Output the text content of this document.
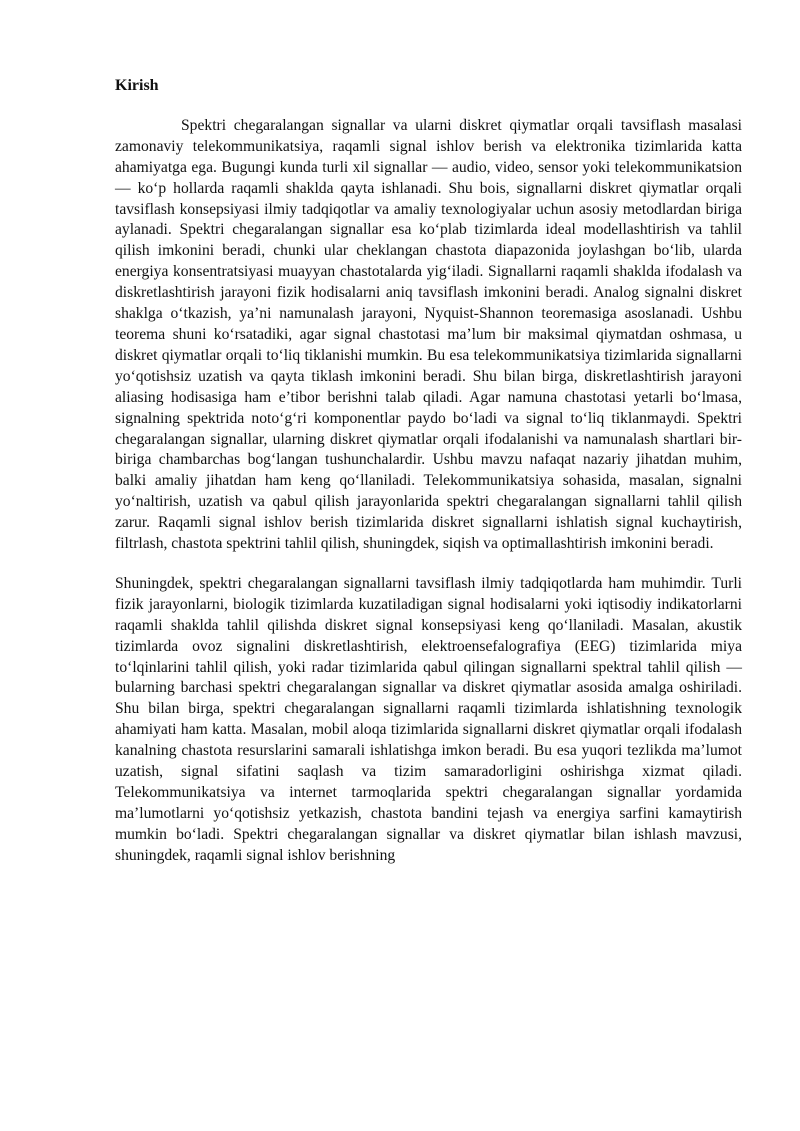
Kirish

Spektri chegaralangan signallar va ularni diskret qiymatlar orqali tavsiflash masalasi zamonaviy telekommunikatsiya, raqamli signal ishlov berish va elektronika tizimlarida katta ahamiyatga ega. Bugungi kunda turli xil signallar — audio, video, sensor yoki telekommunikatsion — ko‘p hollarda raqamli shaklda qayta ishlanadi. Shu bois, signallarni diskret qiymatlar orqali tavsiflash konsepsiyasi ilmiy tadqiqotlar va amaliy texnologiyalar uchun asosiy metodlardan biriga aylanadi. Spektri chegaralangan signallar esa ko‘plab tizimlarda ideal modellashtirish va tahlil qilish imkonini beradi, chunki ular cheklangan chastota diapazonida joylashgan bo‘lib, ularda energiya konsentratsiyasi muayyan chastotalarda yig‘iladi. Signallarni raqamli shaklda ifodalash va diskretlashtirish jarayoni fizik hodisalarni aniq tavsiflash imkonini beradi. Analog signalni diskret shaklga o‘tkazish, ya’ni namunalash jarayoni, Nyquist-Shannon teoremasiga asoslanadi. Ushbu teorema shuni ko‘rsatadiki, agar signal chastotasi ma’lum bir maksimal qiymatdan oshmasa, u diskret qiymatlar orqali to‘liq tiklanishi mumkin. Bu esa telekommunikatsiya tizimlarida signallarni yo‘qotishsiz uzatish va qayta tiklash imkonini beradi. Shu bilan birga, diskretlashtirish jarayoni aliasing hodisasiga ham e’tibor berishni talab qiladi. Agar namuna chastotasi yetarli bo‘lmasa, signalning spektrida noto‘g‘ri komponentlar paydo bo‘ladi va signal to‘liq tiklanmaydi. Spektri chegaralangan signallar, ularning diskret qiymatlar orqali ifodalanishi va namunalash shartlari bir-biriga chambarchas bog‘langan tushunchalardir. Ushbu mavzu nafaqat nazariy jihatdan muhim, balki amaliy jihatdan ham keng qo‘llaniladi. Telekommunikatsiya sohasida, masalan, signalni yo‘naltirish, uzatish va qabul qilish jarayonlarida spektri chegaralangan signallarni tahlil qilish zarur. Raqamli signal ishlov berish tizimlarida diskret signallarni ishlatish signal kuchaytirish, filtrlash, chastota spektrini tahlil qilish, shuningdek, siqish va optimallashtirish imkonini beradi.

Shuningdek, spektri chegaralangan signallarni tavsiflash ilmiy tadqiqotlarda ham muhimdir. Turli fizik jarayonlarni, biologik tizimlarda kuzatiladigan signal hodisalarni yoki iqtisodiy indikatorlarni raqamli shaklda tahlil qilishda diskret signal konsepsiyasi keng qo‘llaniladi. Masalan, akustik tizimlarda ovoz signalini diskretlashtirish, elektroensefalografiya (EEG) tizimlarida miya to‘lqinlarini tahlil qilish, yoki radar tizimlarida qabul qilingan signallarni spektral tahlil qilish — bularning barchasi spektri chegaralangan signallar va diskret qiymatlar asosida amalga oshiriladi. Shu bilan birga, spektri chegaralangan signallarni raqamli tizimlarda ishlatishning texnologik ahamiyati ham katta. Masalan, mobil aloqa tizimlarida signallarni diskret qiymatlar orqali ifodalash kanalning chastota resurslarini samarali ishlatishga imkon beradi. Bu esa yuqori tezlikda ma’lumot uzatish, signal sifatini saqlash va tizim samaradorligini oshirishga xizmat qiladi. Telekommunikatsiya va internet tarmoqlarida spektri chegaralangan signallar yordamida ma’lumotlarni yo‘qotishsiz yetkazish, chastota bandini tejash va energiya sarfini kamaytirish mumkin bo‘ladi. Spektri chegaralangan signallar va diskret qiymatlar bilan ishlash mavzusi, shuningdek, raqamli signal ishlov berishning
